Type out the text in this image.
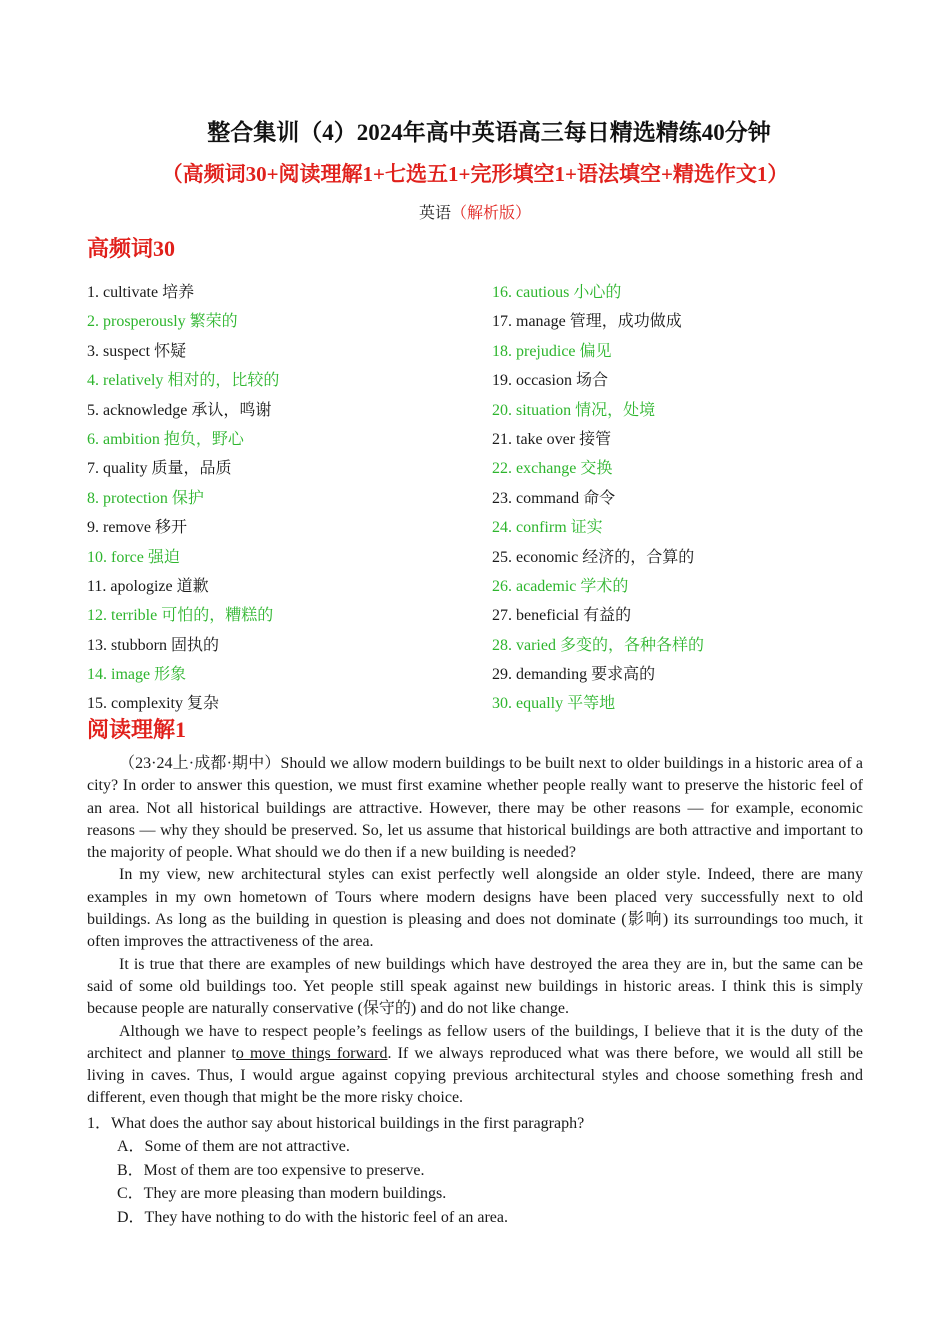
整合集训（4）2024年高中英语高三每日精选精练40分钟
（高频词30+阅读理解1+七选五1+完形填空1+语法填空+精选作文1）
英语（解析版）
高频词30
1. cultivate 培养
2. prosperously 繁荣的
3. suspect 怀疑
4. relatively 相对的，比较的
5. acknowledge 承认，鸣谢
6. ambition 抱负，野心
7. quality 质量，品质
8. protection 保护
9. remove 移开
10. force 强迫
11. apologize 道歉
12. terrible 可怕的，糟糕的
13. stubborn 固执的
14. image 形象
15. complexity 复杂
16. cautious 小心的
17. manage 管理，成功做成
18. prejudice 偏见
19. occasion 场合
20. situation 情况，处境
21. take over 接管
22. exchange 交换
23. command 命令
24. confirm 证实
25. economic 经济的，合算的
26. academic 学术的
27. beneficial 有益的
28. varied 多变的，各种各样的
29. demanding 要求高的
30. equally 平等地
阅读理解1

（23·24上·成都·期中）Should we allow modern buildings to be built next to older buildings in a historic area of a city? In order to answer this question, we must first examine whether people really want to preserve the historic feel of an area. Not all historical buildings are attractive. However, there may be other reasons — for example, economic reasons — why they should be preserved. So, let us assume that historical buildings are both attractive and important to the majority of people. What should we do then if a new building is needed?

In my view, new architectural styles can exist perfectly well alongside an older style. Indeed, there are many examples in my own hometown of Tours where modern designs have been placed very successfully next to old buildings. As long as the building in question is pleasing and does not dominate (影响) its surroundings too much, it often improves the attractiveness of the area.

It is true that there are examples of new buildings which have destroyed the area they are in, but the same can be said of some old buildings too. Yet people still speak against new buildings in historic areas. I think this is simply because people are naturally conservative (保守的) and do not like change.

Although we have to respect people’s feelings as fellow users of the buildings, I believe that it is the duty of the architect and planner to move things forward. If we always reproduced what was there before, we would all still be living in caves. Thus, I would argue against copying previous architectural styles and choose something fresh and different, even though that might be the more risky choice.

1．What does the author say about historical buildings in the first paragraph?
A．Some of them are not attractive.
B．Most of them are too expensive to preserve.
C．They are more pleasing than modern buildings.
D．They have nothing to do with the historic feel of an area.
